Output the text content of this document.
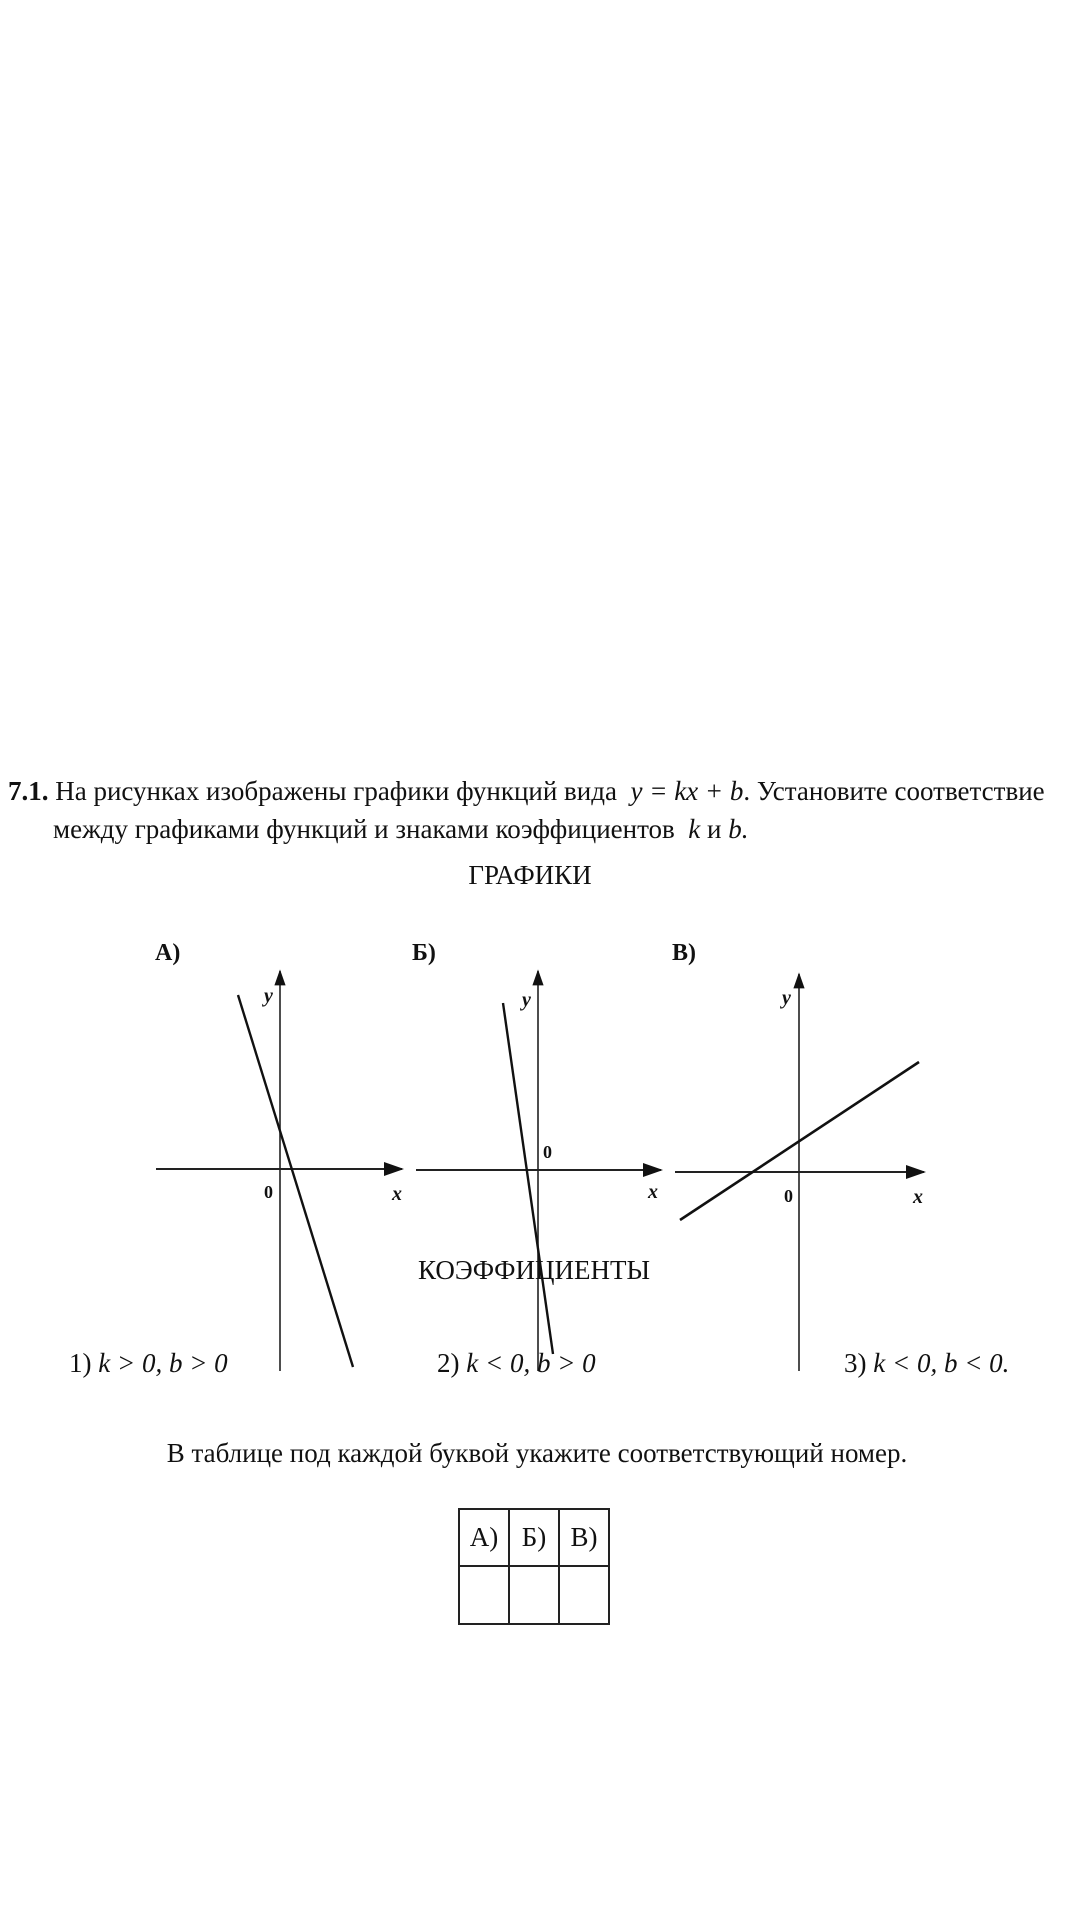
7.1. На рисунках изображены графики функций вида y = kx + b. Установите соответствие
между графиками функций и знаками коэффициентов k и b.
ГРАФИКИ
А)
y
0	x
Б)
y
0
x
В)
y
0	x
КОЭФФИЦИЕНТЫ
1) k > 0, b > 0	2) k < 0, b > 0	3) k < 0, b < 0.
В таблице под каждой буквой укажите соответствующий номер.
А)	Б)	В)
